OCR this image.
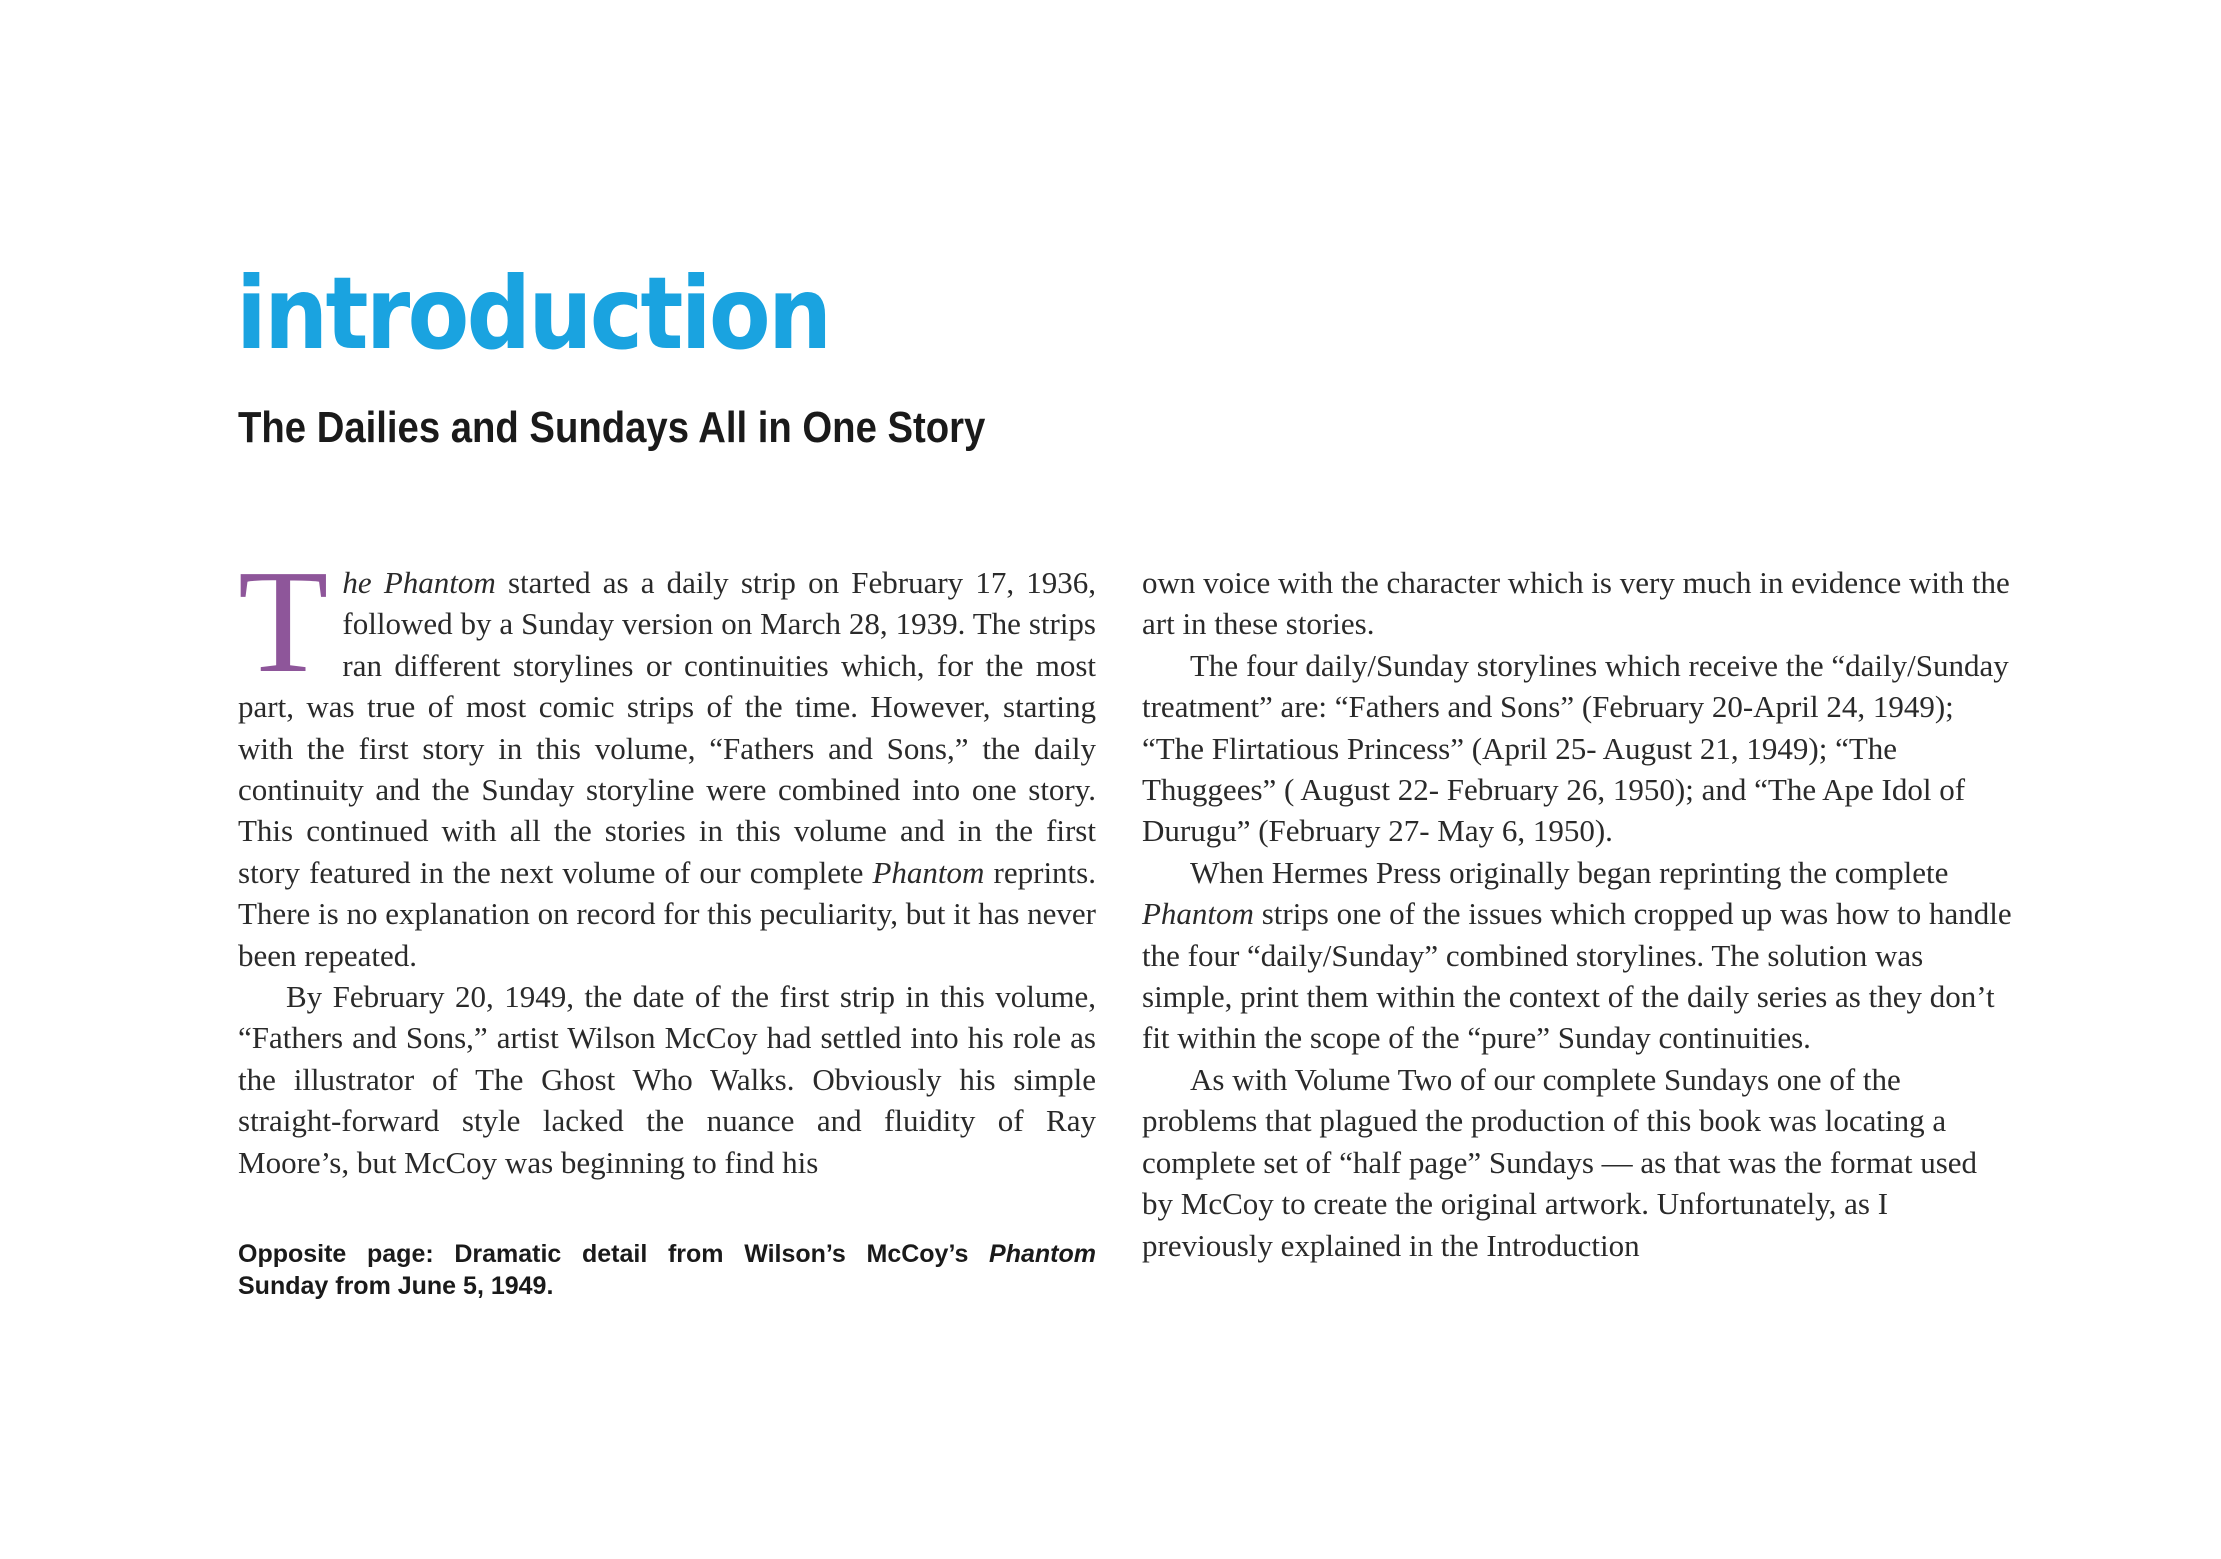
introduction
The Dailies and Sundays All in One Story

The Phantom started as a daily strip on February 17, 1936, followed by a Sunday version on March 28, 1939. The strips ran different storylines or continuities which, for the most part, was true of most comic strips of the time. However, starting with the first story in this volume, “Fathers and Sons,” the daily continuity and the Sunday storyline were combined into one story. This continued with all the stories in this volume and in the first story featured in the next volume of our complete Phantom reprints. There is no explanation on record for this peculiarity, but it has never been repeated.

By February 20, 1949, the date of the first strip in this volume, “Fathers and Sons,” artist Wilson McCoy had settled into his role as the illustrator of The Ghost Who Walks. Obviously his simple straight-forward style lacked the nuance and fluidity of Ray Moore’s, but McCoy was beginning to find his

Opposite page: Dramatic detail from Wilson’s McCoy’s Phantom Sunday from June 5, 1949.

own voice with the character which is very much in evidence with the art in these stories.

The four daily/Sunday storylines which receive the “daily/Sunday treatment” are: “Fathers and Sons” (February 20-April 24, 1949); “The Flirtatious Princess” (April 25- August 21, 1949); “The Thuggees” ( August 22- February 26, 1950); and “The Ape Idol of Durugu” (February 27- May 6, 1950).

When Hermes Press originally began reprinting the complete Phantom strips one of the issues which cropped up was how to handle the four “daily/Sunday” combined storylines. The solution was simple, print them within the context of the daily series as they don’t fit within the scope of the “pure” Sunday continuities.

As with Volume Two of our complete Sundays one of the problems that plagued the production of this book was locating a complete set of “half page” Sundays — as that was the format used by McCoy to create the original artwork. Unfortunately, as I previously explained in the Introduction
